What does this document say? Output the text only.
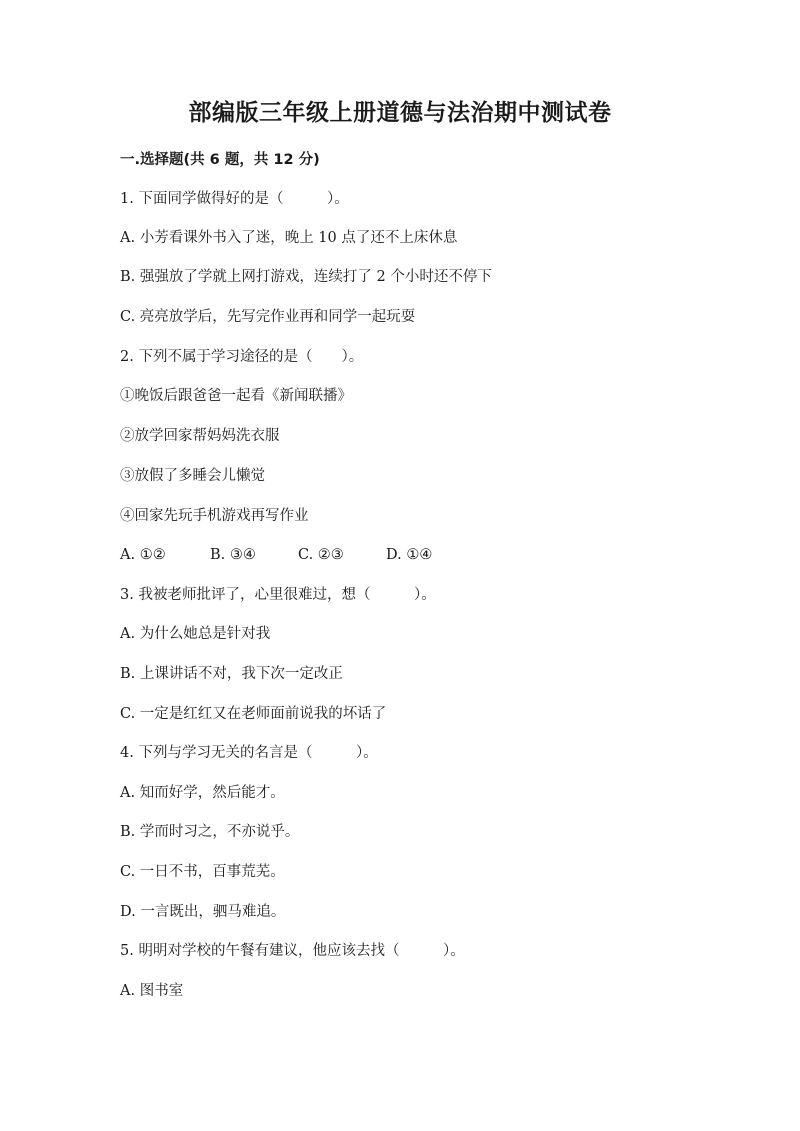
部编版三年级上册道德与法治期中测试卷
一.选择题(共 6 题，共 12 分)
1. 下面同学做得好的是（　　　）。
A. 小芳看课外书入了迷，晚上 10 点了还不上床休息
B. 强强放了学就上网打游戏，连续打了 2 个小时还不停下
C. 亮亮放学后，先写完作业再和同学一起玩耍
2. 下列不属于学习途径的是（　　）。
①晚饭后跟爸爸一起看《新闻联播》
②放学回家帮妈妈洗衣服
③放假了多睡会儿懒觉
④回家先玩手机游戏再写作业
A. ①②	B. ③④	C. ②③	D. ①④
3. 我被老师批评了，心里很难过，想（　　　）。
A. 为什么她总是针对我
B. 上课讲话不对，我下次一定改正
C. 一定是红红又在老师面前说我的坏话了
4. 下列与学习无关的名言是（　　　）。
A. 知而好学，然后能才。
B. 学而时习之，不亦说乎。
C. 一日不书，百事荒芜。
D. 一言既出，驷马难追。
5. 明明对学校的午餐有建议，他应该去找（　　　）。
A. 图书室
